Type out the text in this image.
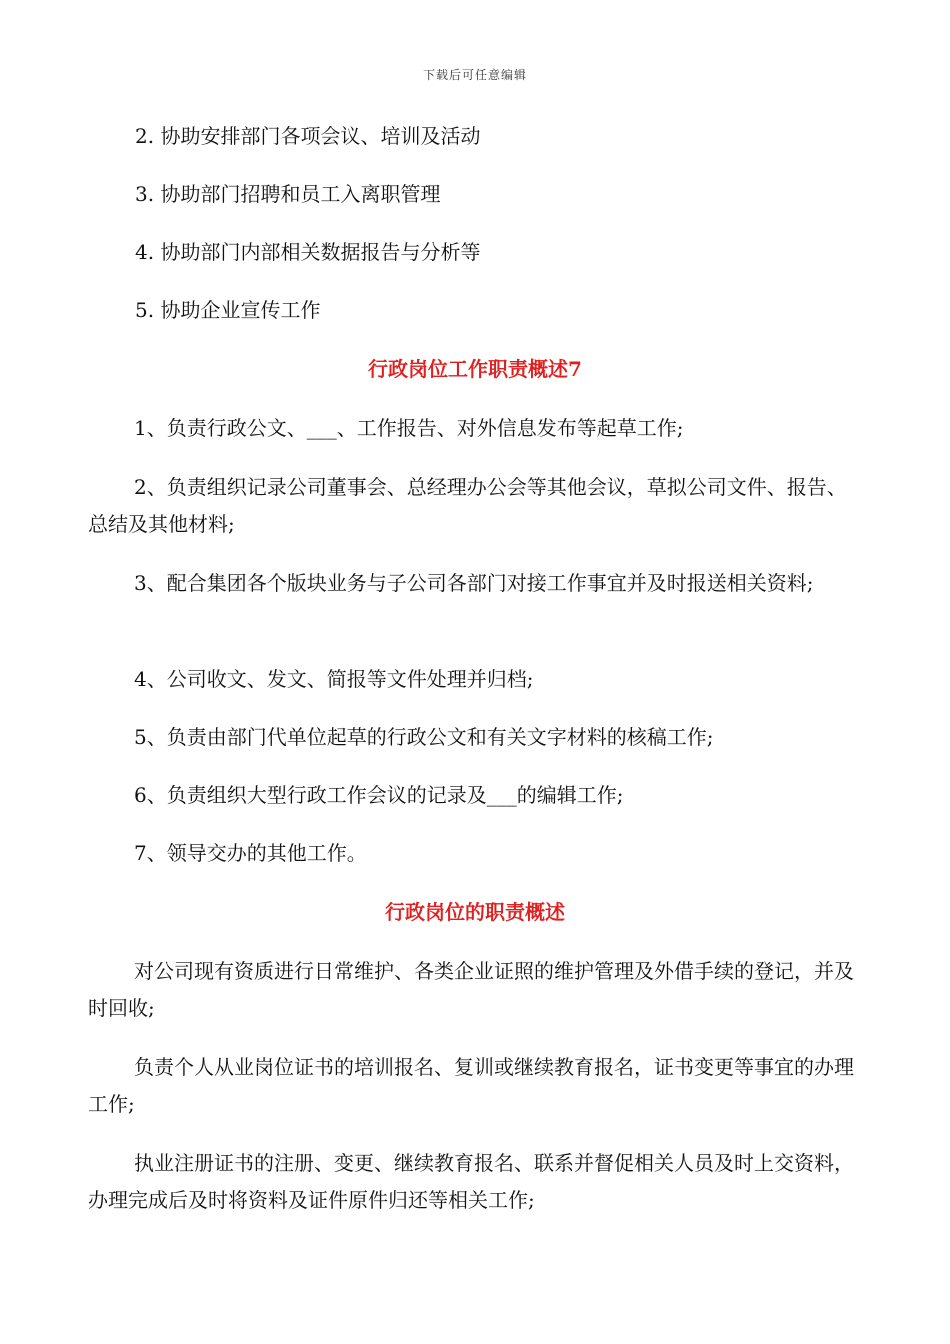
下载后可任意编辑

2. 协助安排部门各项会议、培训及活动

3. 协助部门招聘和员工入离职管理

4. 协助部门内部相关数据报告与分析等

5. 协助企业宣传工作

行政岗位工作职责概述7

1、负责行政公文、___、工作报告、对外信息发布等起草工作;

2、负责组织记录公司董事会、总经理办公会等其他会议，草拟公司文件、报告、总结及其他材料;

3、配合集团各个版块业务与子公司各部门对接工作事宜并及时报送相关资料;

4、公司收文、发文、简报等文件处理并归档;

5、负责由部门代单位起草的行政公文和有关文字材料的核稿工作;

6、负责组织大型行政工作会议的记录及___的编辑工作;

7、领导交办的其他工作。

行政岗位的职责概述

对公司现有资质进行日常维护、各类企业证照的维护管理及外借手续的登记，并及时回收;

负责个人从业岗位证书的培训报名、复训或继续教育报名，证书变更等事宜的办理工作;

执业注册证书的注册、变更、继续教育报名、联系并督促相关人员及时上交资料，办理完成后及时将资料及证件原件归还等相关工作;
